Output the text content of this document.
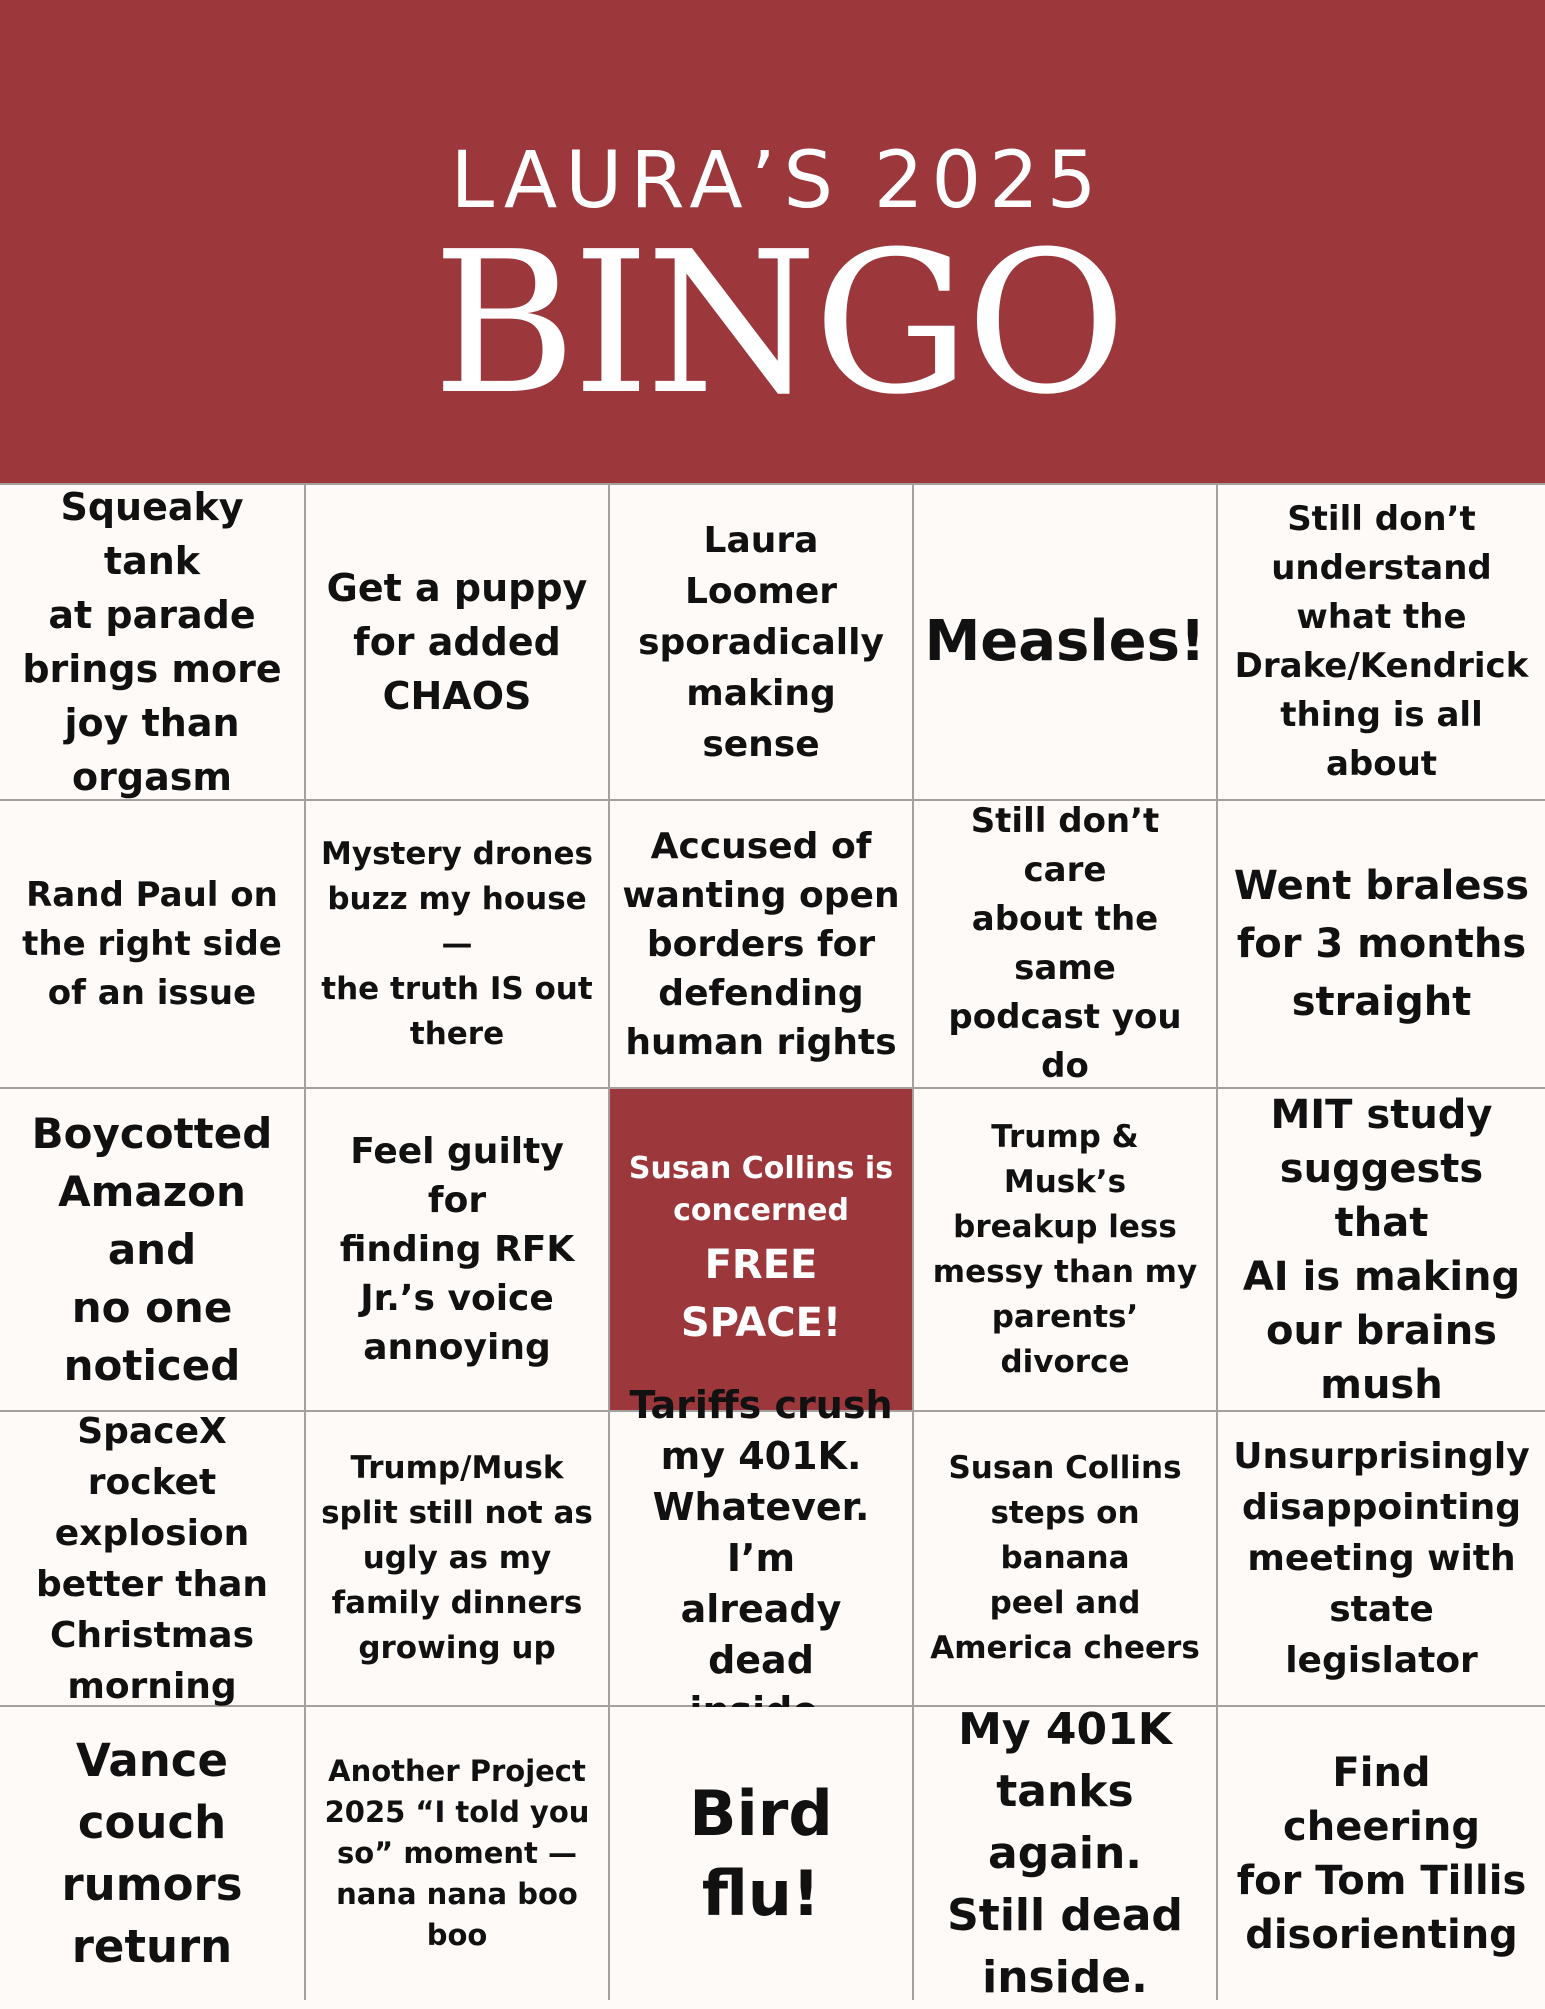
LAURA’S 2025
BINGO
Squeaky tank
at parade
brings more
joy than
orgasm
Get a puppy
for added
CHAOS
Laura Loomer
sporadically
making sense
Measles!
Still don’t
understand
what the
Drake/Kendrick
thing is all about
Rand Paul on
the right side
of an issue
Mystery drones
buzz my house —
the truth IS out
there
Accused of
wanting open
borders for
defending
human rights
Still don’t care
about the same
podcast you do
Went braless
for 3 months
straight
Boycotted
Amazon and
no one
noticed
Feel guilty for
finding RFK
Jr.’s voice
annoying
Susan Collins is
concerned
FREE
SPACE!
Trump & Musk’s
breakup less
messy than my
parents’ divorce
MIT study
suggests that
AI is making
our brains
mush
SpaceX rocket
explosion
better than
Christmas
morning
Trump/Musk
split still not as
ugly as my
family dinners
growing up
Tariffs crush
my 401K.
Whatever. I’m
already dead

Susan Collins
steps on banana
peel and
America cheers
Unsurprisingly
disappointing
meeting with
state legislator
Vance
couch
rumors
return
Another Project
2025 “I told you
so” moment —
nana nana boo
boo
Bird flu!
My 401K
tanks again.
Still dead
inside.
Find cheering
for Tom Tillis
disorienting
